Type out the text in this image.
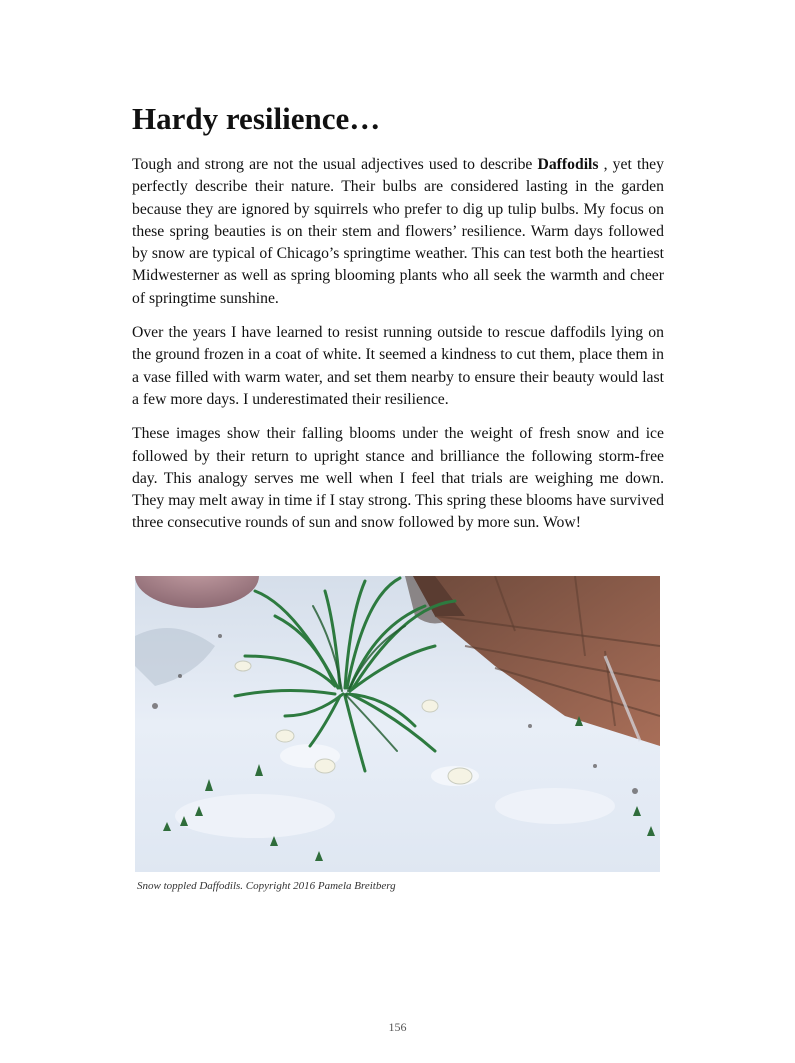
Hardy resilience…

Tough and strong are not the usual adjectives used to describe Daffodils , yet they perfectly describe their nature. Their bulbs are considered lasting in the garden because they are ignored by squirrels who prefer to dig up tulip bulbs. My focus on these spring beauties is on their stem and flowers’ resilience. Warm days followed by snow are typical of Chicago’s springtime weather. This can test both the heartiest Midwesterner as well as spring blooming plants who all seek the warmth and cheer of springtime sunshine.

Over the years I have learned to resist running outside to rescue daffodils lying on the ground frozen in a coat of white. It seemed a kindness to cut them, place them in a vase filled with warm water, and set them nearby to ensure their beauty would last a few more days. I underestimated their resilience.

These images show their falling blooms under the weight of fresh snow and ice followed by their return to upright stance and brilliance the following storm-free day. This analogy serves me well when I feel that trials are weighing me down. They may melt away in time if I stay strong. This spring these blooms have survived three consecutive rounds of sun and snow followed by more sun. Wow!

Snow toppled Daffodils. Copyright 2016 Pamela Breitberg

156
